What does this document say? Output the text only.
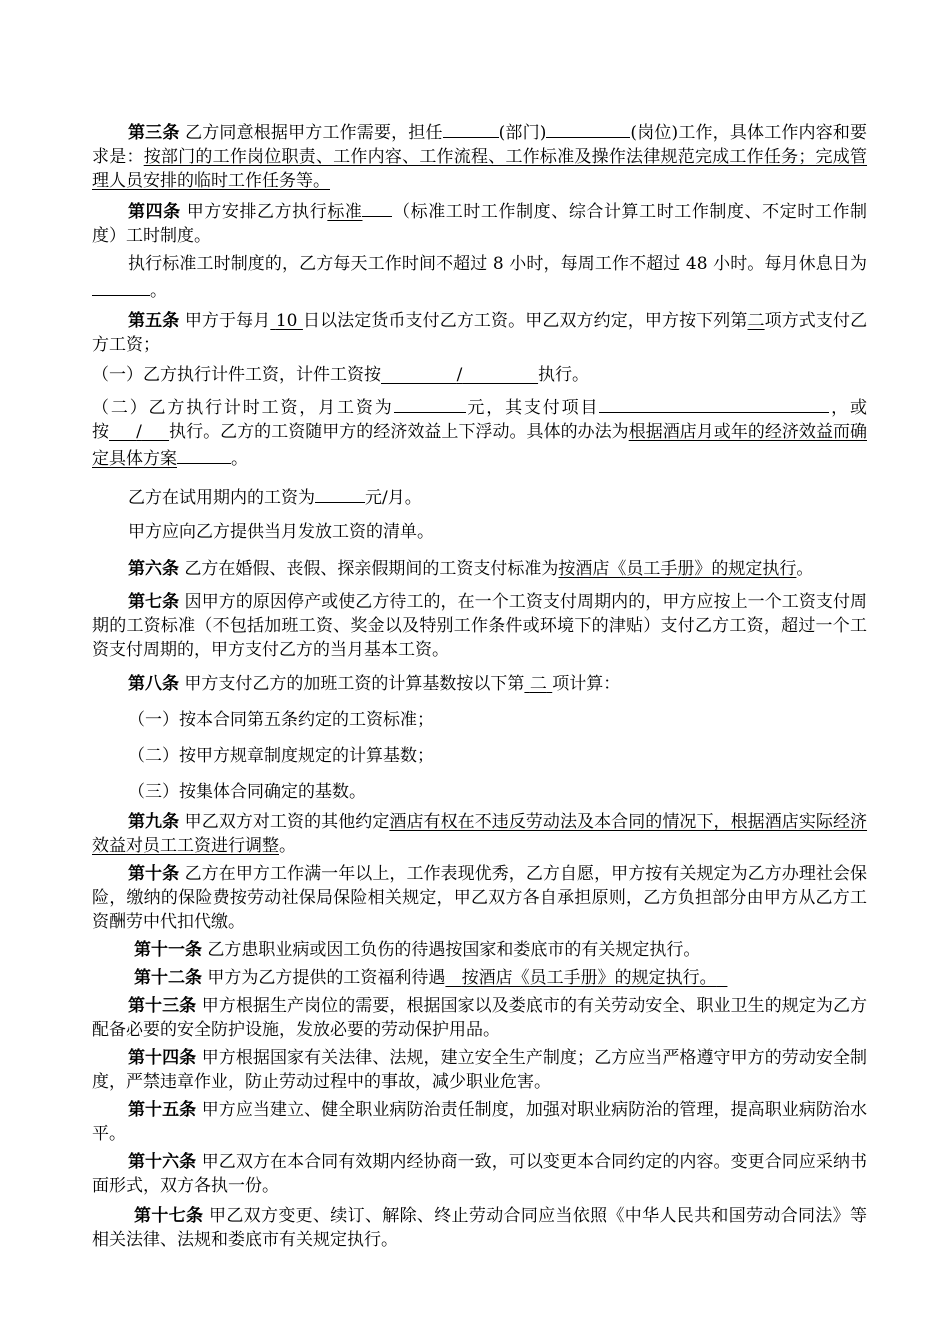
第三条 乙方同意根据甲方工作需要，担任	(部门)	(岗位)工作，具体工作内容和要求是：按部门的工作岗位职责、工作内容、工作流程、工作标准及操作法律规范完成工作任务；完成管理人员安排的临时工作任务等。

第四条 甲方安排乙方执行标准 （标准工时工作制度、综合计算工时工作制度、不定时工作制度）工时制度。

执行标准工时制度的，乙方每天工作时间不超过 8 小时，每周工作不超过 48 小时。每月休息日为。

第五条 甲方于每月 10 日以法定货币支付乙方工资。甲乙双方约定，甲方按下列第二项方式支付乙方工资；

（一）乙方执行计件工资，计件工资按	/	执行。

（二）乙方执行计时工资，月工资为	元，其支付项目	，或按 / 执行。乙方的工资随甲方的经济效益上下浮动。具体的办法为根据酒店月或年的经济效益而确定具体方案	。

乙方在试用期内的工资为	元/月。

甲方应向乙方提供当月发放工资的清单。

第六条 乙方在婚假、丧假、探亲假期间的工资支付标准为按酒店《员工手册》的规定执行。

第七条 因甲方的原因停产或使乙方待工的，在一个工资支付周期内的，甲方应按上一个工资支付周期的工资标准（不包括加班工资、奖金以及特别工作条件或环境下的津贴）支付乙方工资，超过一个工资支付周期的，甲方支付乙方的当月基本工资。

第八条 甲方支付乙方的加班工资的计算基数按以下第 二 项计算：

（一）按本合同第五条约定的工资标准；

（二）按甲方规章制度规定的计算基数；

（三）按集体合同确定的基数。

第九条 甲乙双方对工资的其他约定酒店有权在不违反劳动法及本合同的情况下，根据酒店实际经济效益对员工工资进行调整。

第十条 乙方在甲方工作满一年以上，工作表现优秀，乙方自愿，甲方按有关规定为乙方办理社会保险，缴纳的保险费按劳动社保局保险相关规定，甲乙双方各自承担原则，乙方负担部分由甲方从乙方工资酬劳中代扣代缴。

第十一条 乙方患职业病或因工负伤的待遇按国家和娄底市的有关规定执行。

第十二条 甲方为乙方提供的工资福利待遇 按酒店《员工手册》的规定执行。

第十三条 甲方根据生产岗位的需要，根据国家以及娄底市的有关劳动安全、职业卫生的规定为乙方配备必要的安全防护设施，发放必要的劳动保护用品。

第十四条 甲方根据国家有关法律、法规，建立安全生产制度；乙方应当严格遵守甲方的劳动安全制度，严禁违章作业，防止劳动过程中的事故，减少职业危害。

第十五条 甲方应当建立、健全职业病防治责任制度，加强对职业病防治的管理，提高职业病防治水平。

第十六条 甲乙双方在本合同有效期内经协商一致，可以变更本合同约定的内容。变更合同应采纳书面形式，双方各执一份。

第十七条 甲乙双方变更、续订、解除、终止劳动合同应当依照《中华人民共和国劳动合同法》等相关法律、法规和娄底市有关规定执行。
